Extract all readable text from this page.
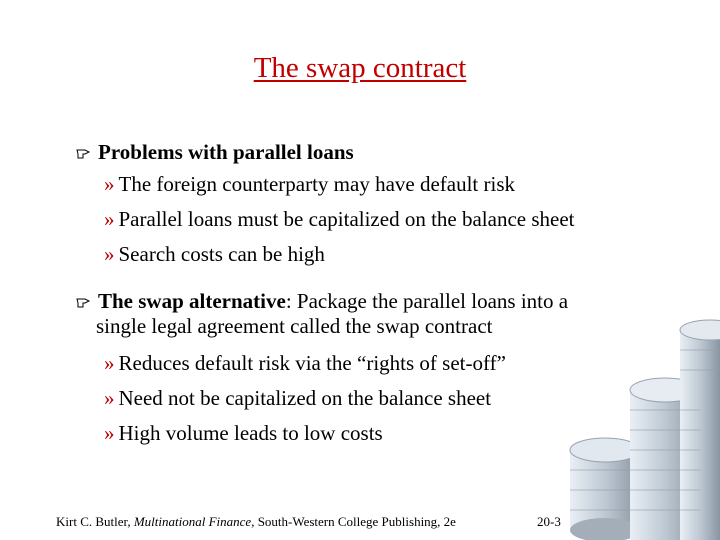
The swap contract
Problems with parallel loans
» The foreign counterparty may have default risk
» Parallel loans must be capitalized on the balance sheet
» Search costs can be high
The swap alternative: Package the parallel loans into a
single legal agreement called the swap contract
» Reduces default risk via the “rights of set-off”
» Need not be capitalized on the balance sheet
» High volume leads to low costs
Kirt C. Butler, Multinational Finance, South-Western College Publishing, 2e	20-3
